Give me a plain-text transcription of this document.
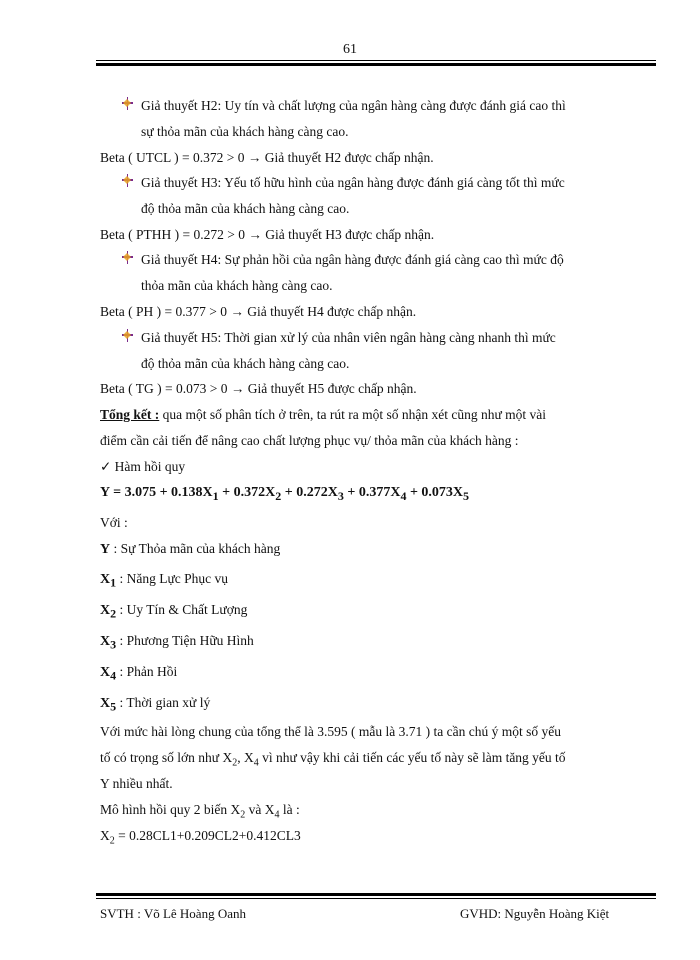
61
Giả thuyết H2: Uy tín và chất lượng của ngân hàng càng được đánh giá cao thì
sự thỏa mãn của khách hàng càng cao.
Beta ( UTCL ) = 0.372 > 0 → Giả thuyết H2 được chấp nhận.
Giả thuyết H3: Yếu tố hữu hình của ngân hàng được đánh giá càng tốt thì mức
độ thỏa mãn của khách hàng càng cao.
Beta ( PTHH ) = 0.272 > 0 → Giả thuyết H3 được chấp nhận.
Giả thuyết H4: Sự phản hồi của ngân hàng được đánh giá càng cao thì mức độ
thỏa mãn của khách hàng càng cao.
Beta ( PH ) = 0.377 > 0 → Giả thuyết H4 được chấp nhận.
Giả thuyết H5: Thời gian xử lý của nhân viên ngân hàng càng nhanh thì mức
độ thỏa mãn của khách hàng càng cao.
Beta ( TG ) = 0.073 > 0 → Giả thuyết H5 được chấp nhận.
Tổng kết : qua một số phân tích ở trên, ta rút ra một số nhận xét cũng như một vài
điểm cần cải tiến để nâng cao chất lượng phục vụ/ thỏa mãn của khách hàng :
✓ Hàm hồi quy
$Y = 3.075 + 0.138X_1 + 0.372X_2 + 0.272X_3 + 0.377X_4 + 0.073X_5$
Với :
Y : Sự Thỏa mãn của khách hàng
$X_1$ : Năng Lực Phục vụ
$X_2$ : Uy Tín & Chất Lượng
$X_3$ : Phương Tiện Hữu Hình
$X_4$ : Phản Hồi
$X_5$ : Thời gian xử lý
Với mức hài lòng chung của tổng thể là 3.595 ( mẫu là 3.71 ) ta cần chú ý một số yếu
tố có trọng số lớn như $X_2$, $X_4$ vì như vậy khi cải tiến các yếu tố này sẽ làm tăng yếu tố
Y nhiều nhất.
Mô hình hồi quy 2 biến $X_2$ và $X_4$ là :
$X_2 = 0.28CL1+0.209CL2+0.412CL3$
SVTH : Võ Lê Hoàng Oanh	GVHD: Nguyễn Hoàng Kiệt
